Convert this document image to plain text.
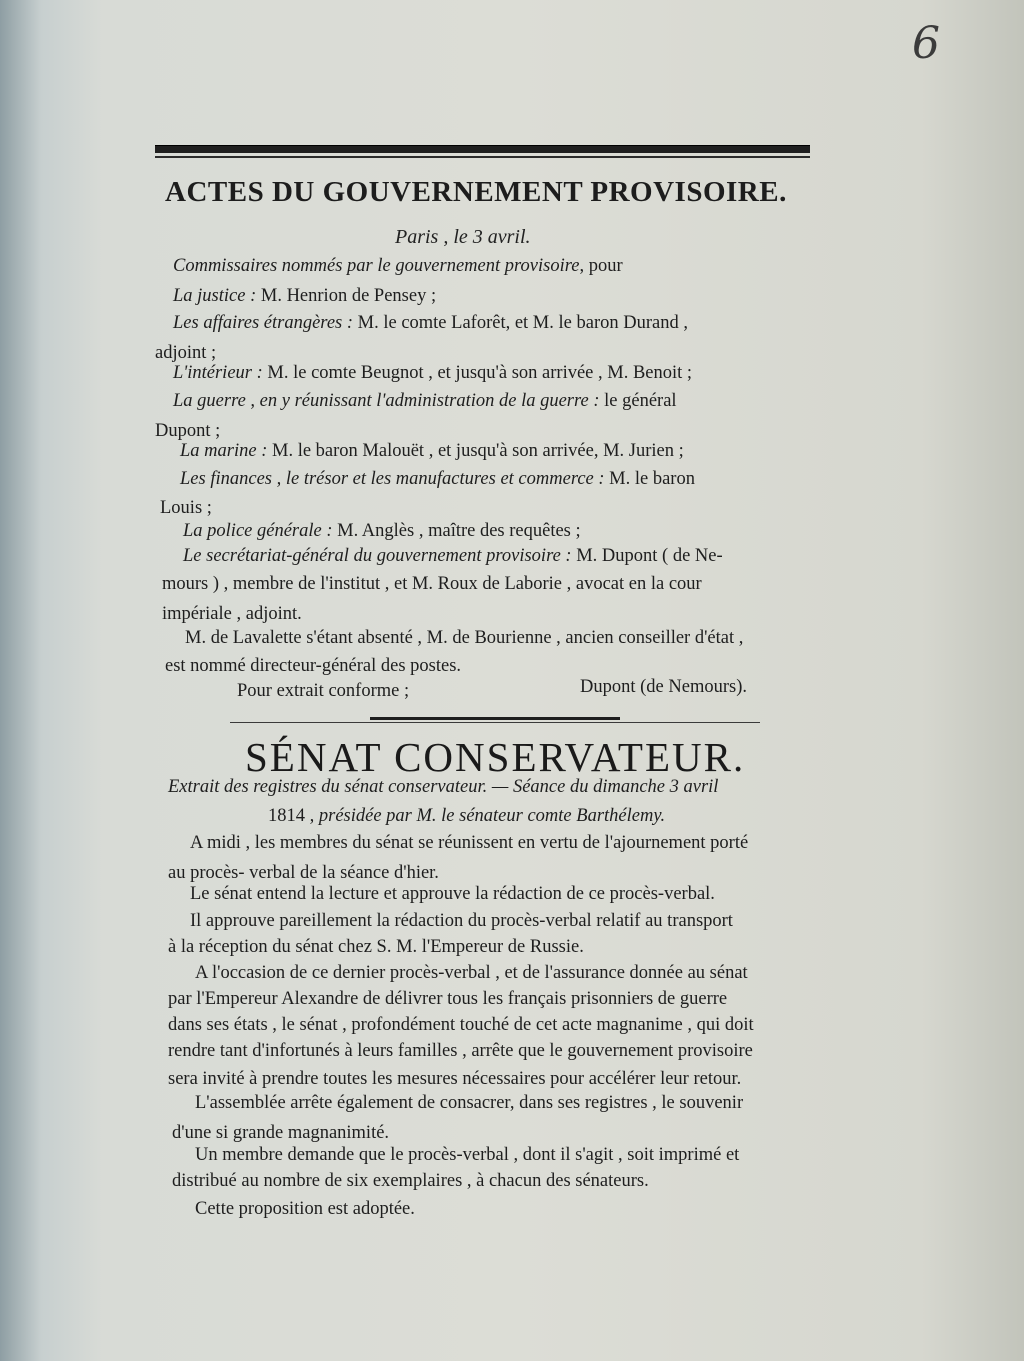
6

ACTES DU GOUVERNEMENT PROVISOIRE.

Paris , le 3 avril.

Commissaires nommés par le gouvernement provisoire, pour

La justice : M. Henrion de Pensey ;

Les affaires étrangères : M. le comte Laforêt, et M. le baron Durand ,

adjoint ;

L'intérieur : M. le comte Beugnot , et jusqu'à son arrivée , M. Benoit ;

La guerre , en y réunissant l'administration de la guerre : le général

Dupont ;

La marine : M. le baron Malouët , et jusqu'à son arrivée, M. Jurien ;

Les finances , le trésor et les manufactures et commerce : M. le baron

Louis ;

La police générale : M. Anglès , maître des requêtes ;

Le secrétariat-général du gouvernement provisoire : M. Dupont ( de Ne-

mours ) , membre de l'institut , et M. Roux de Laborie , avocat en la cour

impériale , adjoint.

M. de Lavalette s'étant absenté , M. de Bourienne , ancien conseiller d'état ,

est nommé directeur-général des postes.

Pour extrait conforme ;	Dupont (de Nemours).

SÉNAT CONSERVATEUR.

Extrait des registres du sénat conservateur. — Séance du dimanche 3 avril

1814 , présidée par M. le sénateur comte Barthélemy.

A midi , les membres du sénat se réunissent en vertu de l'ajournement porté

au procès- verbal de la séance d'hier.

Le sénat entend la lecture et approuve la rédaction de ce procès-verbal.

Il approuve pareillement la rédaction du procès-verbal relatif au transport

à la réception du sénat chez S. M. l'Empereur de Russie.

A l'occasion de ce dernier procès-verbal , et de l'assurance donnée au sénat

par l'Empereur Alexandre de délivrer tous les français prisonniers de guerre

dans ses états , le sénat , profondément touché de cet acte magnanime , qui doit

rendre tant d'infortunés à leurs familles , arrête que le gouvernement provisoire

sera invité à prendre toutes les mesures nécessaires pour accélérer leur retour.

L'assemblée arrête également de consacrer, dans ses registres , le souvenir

d'une si grande magnanimité.

Un membre demande que le procès-verbal , dont il s'agit , soit imprimé et

distribué au nombre de six exemplaires , à chacun des sénateurs.

Cette proposition est adoptée.
